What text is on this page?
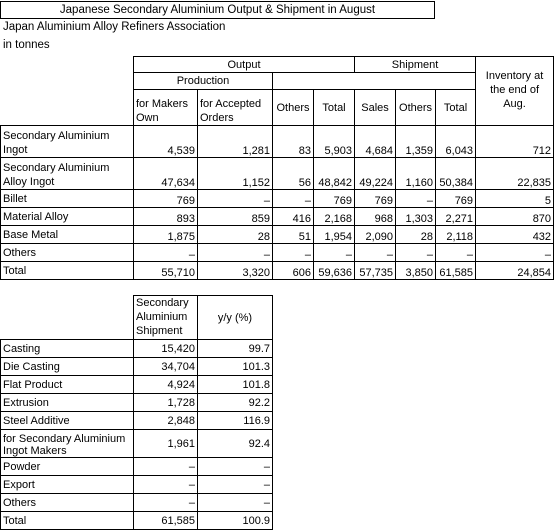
Japanese Secondary Aluminium Output & Shipment in August
Japan Aluminium Alloy Refiners Association
in tonnes
	Output				Shipment			Inventory at the end of Aug.
	Production							
	for Makers Own	for Accepted Orders	Others	Total	Sales	Others	Total	
Secondary Aluminium Ingot	4,539	1,281	83	5,903	4,684	1,359	6,043	712
Secondary Aluminium Alloy Ingot	47,634	1,152	56	48,842	49,224	1,160	50,384	22,835
Billet	769	–	–	769	769	–	769	5
Material Alloy	893	859	416	2,168	968	1,303	2,271	870
Base Metal	1,875	28	51	1,954	2,090	28	2,118	432
Others	–	–	–	–	–	–	–	–
Total	55,710	3,320	606	59,636	57,735	3,850	61,585	24,854
	Secondary Aluminium Shipment	y/y (%)
Casting	15,420	99.7
Die Casting	34,704	101.3
Flat Product	4,924	101.8
Extrusion	1,728	92.2
Steel Additive	2,848	116.9
for Secondary Aluminium Ingot Makers	1,961	92.4
Powder	–	–
Export	–	–
Others	–	–
Total	61,585	100.9
